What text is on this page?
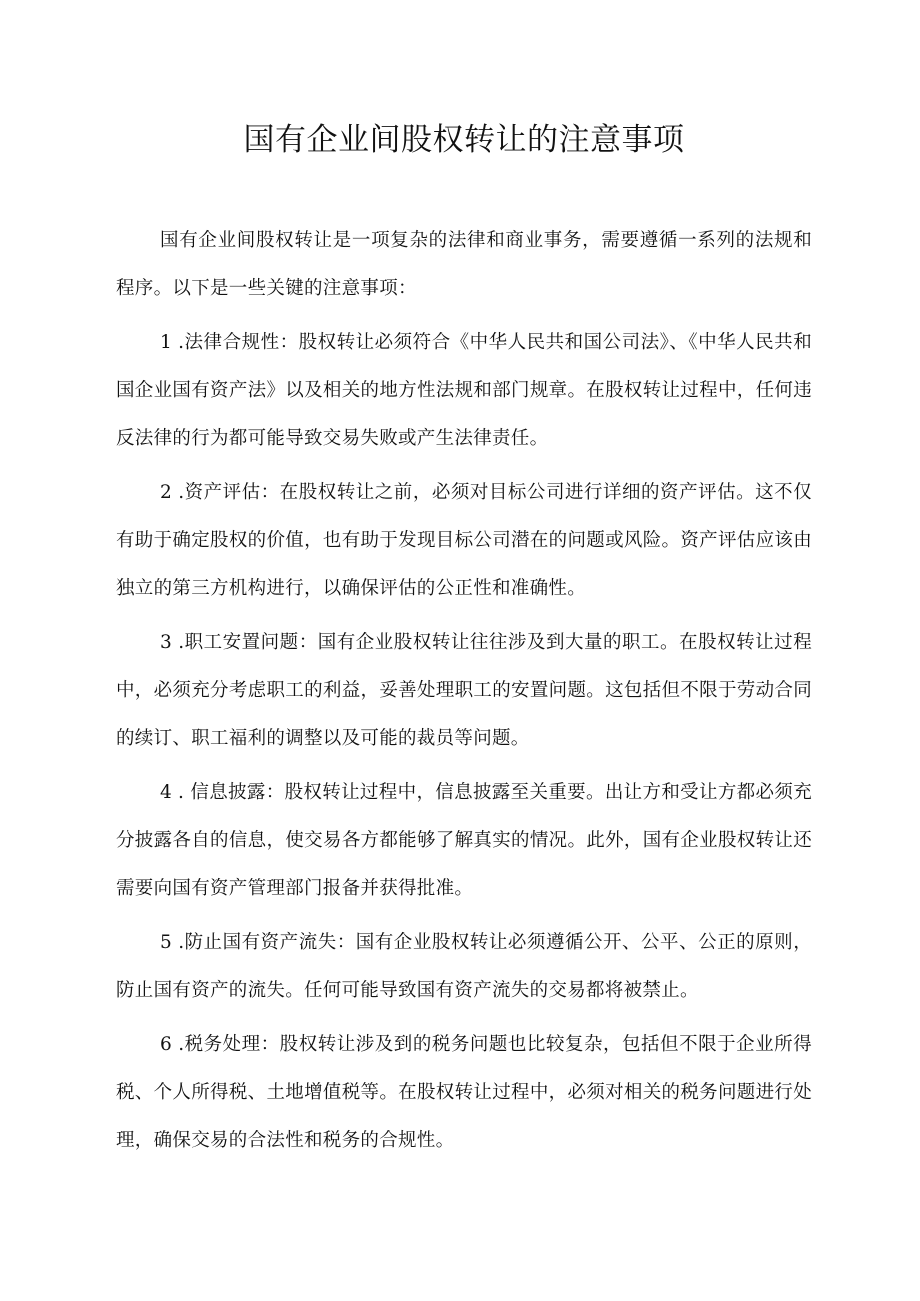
国有企业间股权转让的注意事项

国有企业间股权转让是一项复杂的法律和商业事务，需要遵循一系列的法规和程序。以下是一些关键的注意事项：

1 .法律合规性：股权转让必须符合《中华人民共和国公司法》、《中华人民共和国企业国有资产法》以及相关的地方性法规和部门规章。在股权转让过程中，任何违反法律的行为都可能导致交易失败或产生法律责任。

2 .资产评估：在股权转让之前，必须对目标公司进行详细的资产评估。这不仅有助于确定股权的价值，也有助于发现目标公司潜在的问题或风险。资产评估应该由独立的第三方机构进行，以确保评估的公正性和准确性。

3 .职工安置问题：国有企业股权转让往往涉及到大量的职工。在股权转让过程中，必须充分考虑职工的利益，妥善处理职工的安置问题。这包括但不限于劳动合同的续订、职工福利的调整以及可能的裁员等问题。

4 . 信息披露：股权转让过程中，信息披露至关重要。出让方和受让方都必须充分披露各自的信息，使交易各方都能够了解真实的情况。此外，国有企业股权转让还需要向国有资产管理部门报备并获得批准。

5 .防止国有资产流失：国有企业股权转让必须遵循公开、公平、公正的原则，防止国有资产的流失。任何可能导致国有资产流失的交易都将被禁止。

6 .税务处理：股权转让涉及到的税务问题也比较复杂，包括但不限于企业所得税、个人所得税、土地增值税等。在股权转让过程中，必须对相关的税务问题进行处理，确保交易的合法性和税务的合规性。
